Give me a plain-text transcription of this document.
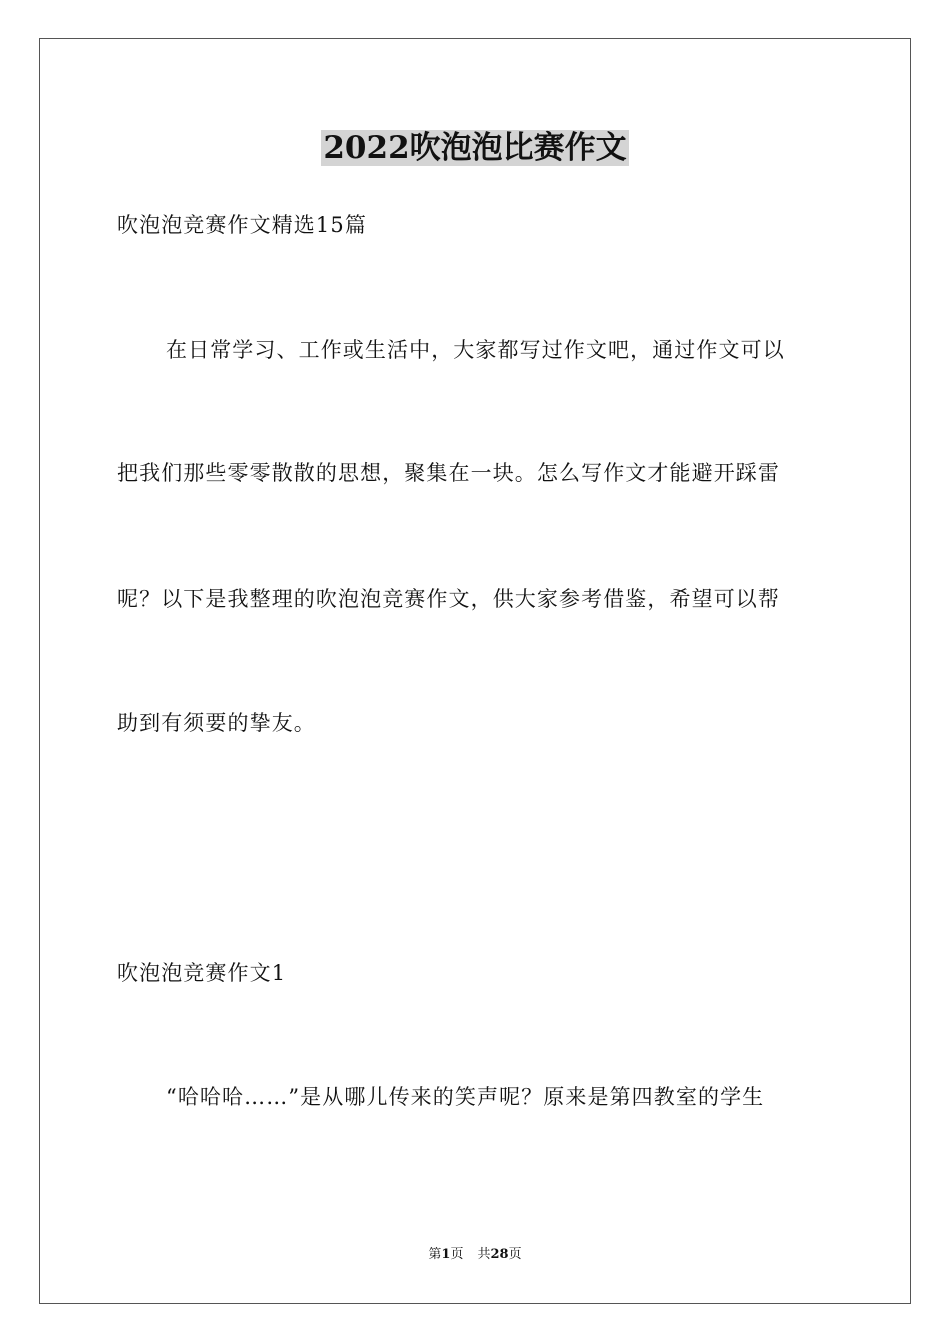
2022吹泡泡比赛作文

吹泡泡竞赛作文精选15篇

在日常学习、工作或生活中，大家都写过作文吧，通过作文可以

把我们那些零零散散的思想，聚集在一块。怎么写作文才能避开踩雷

呢？以下是我整理的吹泡泡竞赛作文，供大家参考借鉴，希望可以帮

助到有须要的挚友。

吹泡泡竞赛作文1

“哈哈哈……”是从哪儿传来的笑声呢？原来是第四教室的学生

第1页 共28页
